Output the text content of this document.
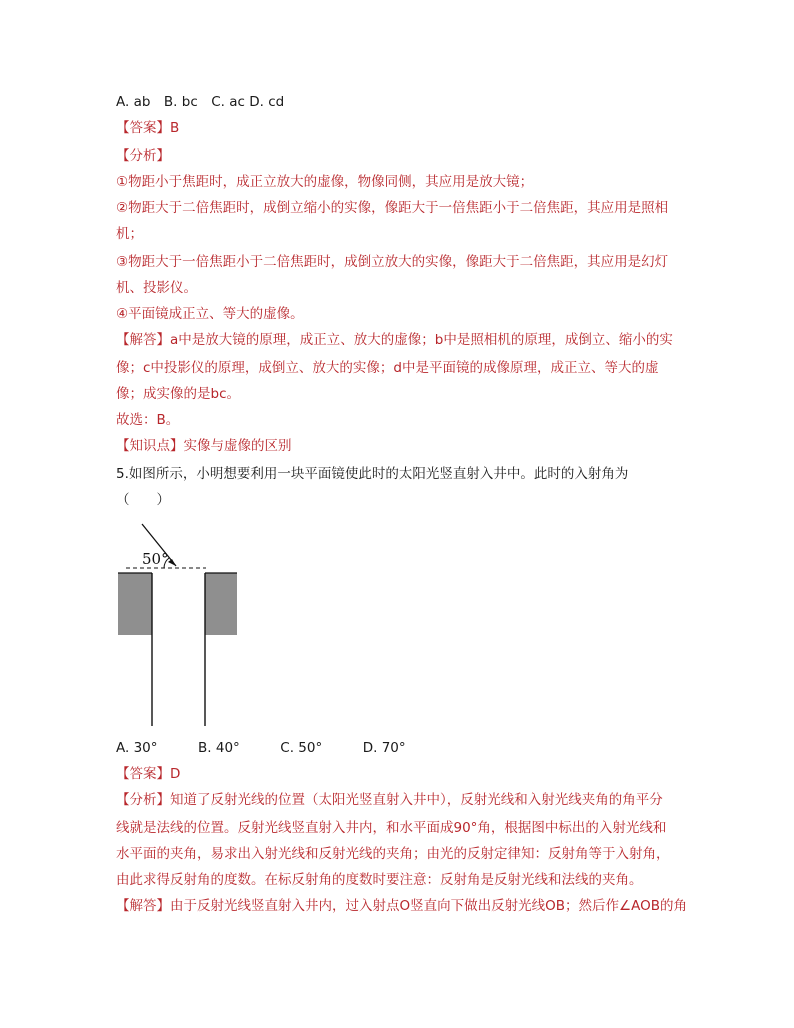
A. ab　B. bc　C. ac D. cd
【答案】B
【分析】
①物距小于焦距时，成正立放大的虚像，物像同侧，其应用是放大镜；
②物距大于二倍焦距时，成倒立缩小的实像，像距大于一倍焦距小于二倍焦距，其应用是照相
机；
③物距大于一倍焦距小于二倍焦距时，成倒立放大的实像，像距大于二倍焦距，其应用是幻灯
机、投影仪。
④平面镜成正立、等大的虚像。
【解答】a中是放大镜的原理，成正立、放大的虚像；b中是照相机的原理，成倒立、缩小的实
像；c中投影仪的原理，成倒立、放大的实像；d中是平面镜的成像原理，成正立、等大的虚
像；成实像的是bc。
故选：B。
【知识点】实像与虚像的区别
5.如图所示，小明想要利用一块平面镜使此时的太阳光竖直射入井中。此时的入射角为
（　　）
50°
A. 30°　　　B. 40°　　　C. 50°　　　D. 70°
【答案】D
【分析】知道了反射光线的位置（太阳光竖直射入井中），反射光线和入射光线夹角的角平分
线就是法线的位置。反射光线竖直射入井内，和水平面成90°角，根据图中标出的入射光线和
水平面的夹角，易求出入射光线和反射光线的夹角；由光的反射定律知：反射角等于入射角，
由此求得反射角的度数。在标反射角的度数时要注意：反射角是反射光线和法线的夹角。
【解答】由于反射光线竖直射入井内，过入射点O竖直向下做出反射光线OB；然后作∠AOB的角
